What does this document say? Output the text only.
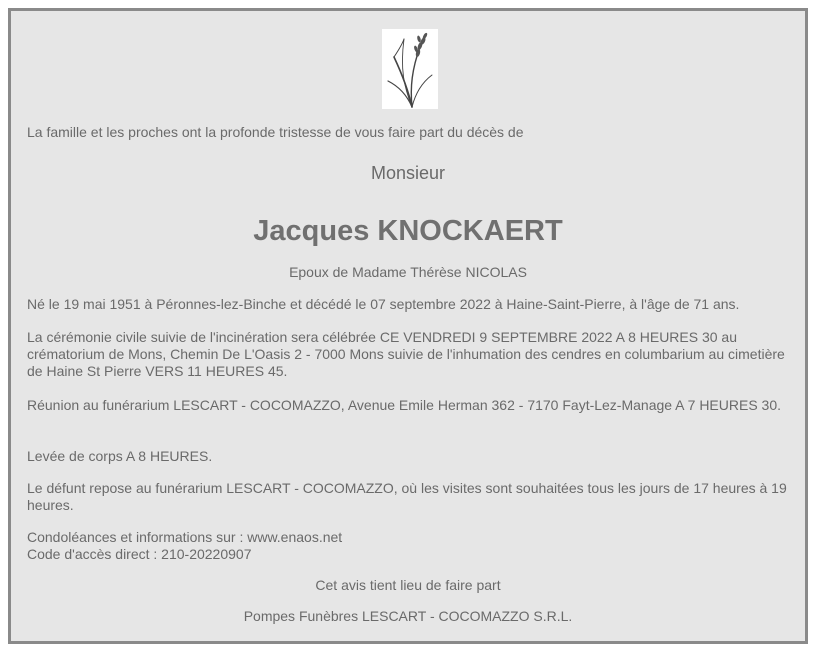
La famille et les proches ont la profonde tristesse de vous faire part du décès de

Monsieur

Jacques KNOCKAERT

Epoux de Madame Thérèse NICOLAS

Né le 19 mai 1951 à Péronnes-lez-Binche et décédé le 07 septembre 2022 à Haine-Saint-Pierre, à l'âge de 71 ans.

La cérémonie civile suivie de l'incinération sera célébrée CE VENDREDI 9 SEPTEMBRE 2022 A 8 HEURES 30 au crématorium de Mons, Chemin De L'Oasis 2 - 7000 Mons suivie de l'inhumation des cendres en columbarium au cimetière de Haine St Pierre VERS 11 HEURES 45.

Réunion au funérarium LESCART - COCOMAZZO, Avenue Emile Herman 362 - 7170 Fayt-Lez-Manage A 7 HEURES 30.

Levée de corps A 8 HEURES.

Le défunt repose au funérarium LESCART - COCOMAZZO, où les visites sont souhaitées tous les jours de 17 heures à 19 heures.

Condoléances et informations sur : www.enaos.net
Code d'accès direct : 210-20220907

Cet avis tient lieu de faire part

Pompes Funèbres LESCART - COCOMAZZO S.R.L.
